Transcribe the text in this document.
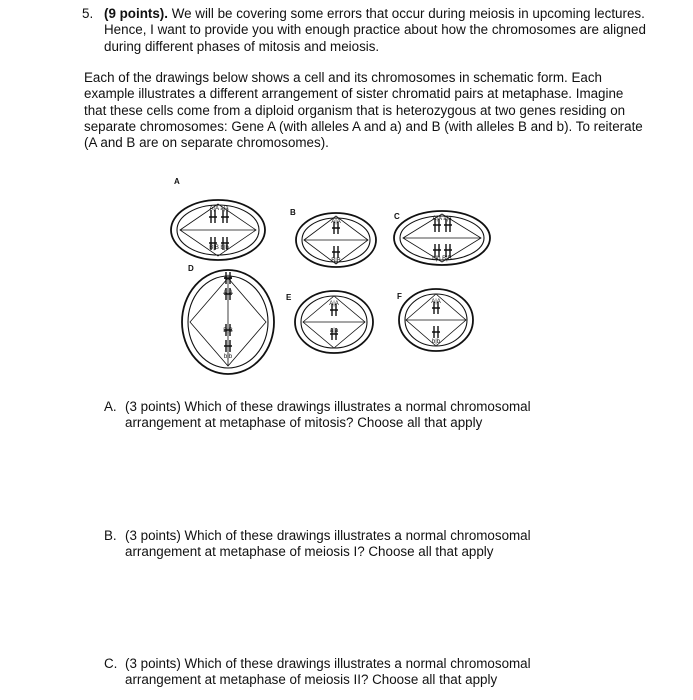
5. (9 points). We will be covering some errors that occur during meiosis in upcoming lectures. Hence, I want to provide you with enough practice about how the chromosomes are aligned during different phases of mitosis and meiosis.

Each of the drawings below shows a cell and its chromosomes in schematic form. Each example illustrates a different arrangement of sister chromatid pairs at metaphase. Imagine that these cells come from a diploid organism that is heterozygous at two genes residing on separate chromosomes: Gene A (with alleles A and a) and B (with alleles B and b). To reiterate (A and B are on separate chromosomes).

A
A|A a|a
B|B b|b
B
A|A
B|B
C	A|A a|a
b|b B|B
D
a|a
A|A
B|B
b|b
E
A|A
a|a
F
A|A
b|b
A. (3 points) Which of these drawings illustrates a normal chromosomal arrangement at metaphase of mitosis? Choose all that apply
B. (3 points) Which of these drawings illustrates a normal chromosomal arrangement at metaphase of meiosis I? Choose all that apply
C. (3 points) Which of these drawings illustrates a normal chromosomal arrangement at metaphase of meiosis II? Choose all that apply
